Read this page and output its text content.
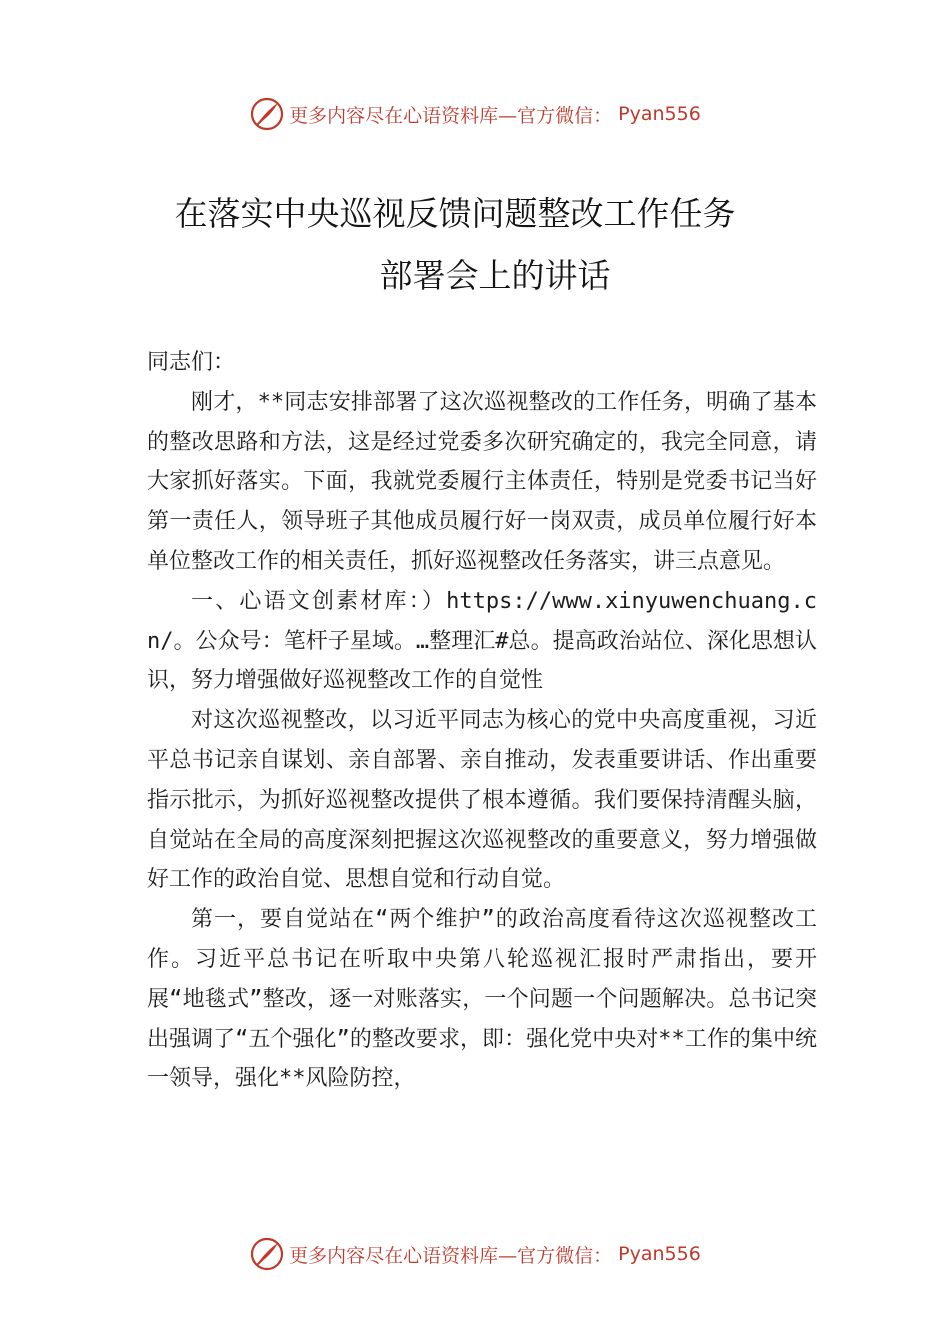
更多内容尽在心语资料库—官方微信： Pyan556
在落实中央巡视反馈问题整改工作任务
部署会上的讲话

同志们：

刚才，**同志安排部署了这次巡视整改的工作任务，明确了基本的整改思路和方法，这是经过党委多次研究确定的，我完全同意，请大家抓好落实。下面，我就党委履行主体责任，特别是党委书记当好第一责任人，领导班子其他成员履行好一岗双责，成员单位履行好本单位整改工作的相关责任，抓好巡视整改任务落实，讲三点意见。

一、心语文创素材库：）https://www.xinyuwenchuang.cn/。公众号：笔杆子星域。…整理汇#总。提高政治站位、深化思想认识，努力增强做好巡视整改工作的自觉性

对这次巡视整改，以习近平同志为核心的党中央高度重视，习近平总书记亲自谋划、亲自部署、亲自推动，发表重要讲话、作出重要指示批示，为抓好巡视整改提供了根本遵循。我们要保持清醒头脑，自觉站在全局的高度深刻把握这次巡视整改的重要意义，努力增强做好工作的政治自觉、思想自觉和行动自觉。

第一，要自觉站在“两个维护”的政治高度看待这次巡视整改工作。习近平总书记在听取中央第八轮巡视汇报时严肃指出，要开展“地毯式”整改，逐一对账落实，一个问题一个问题解决。总书记突出强调了“五个强化”的整改要求，即：强化党中央对**工作的集中统一领导，强化**风险防控，

更多内容尽在心语资料库—官方微信： Pyan556
